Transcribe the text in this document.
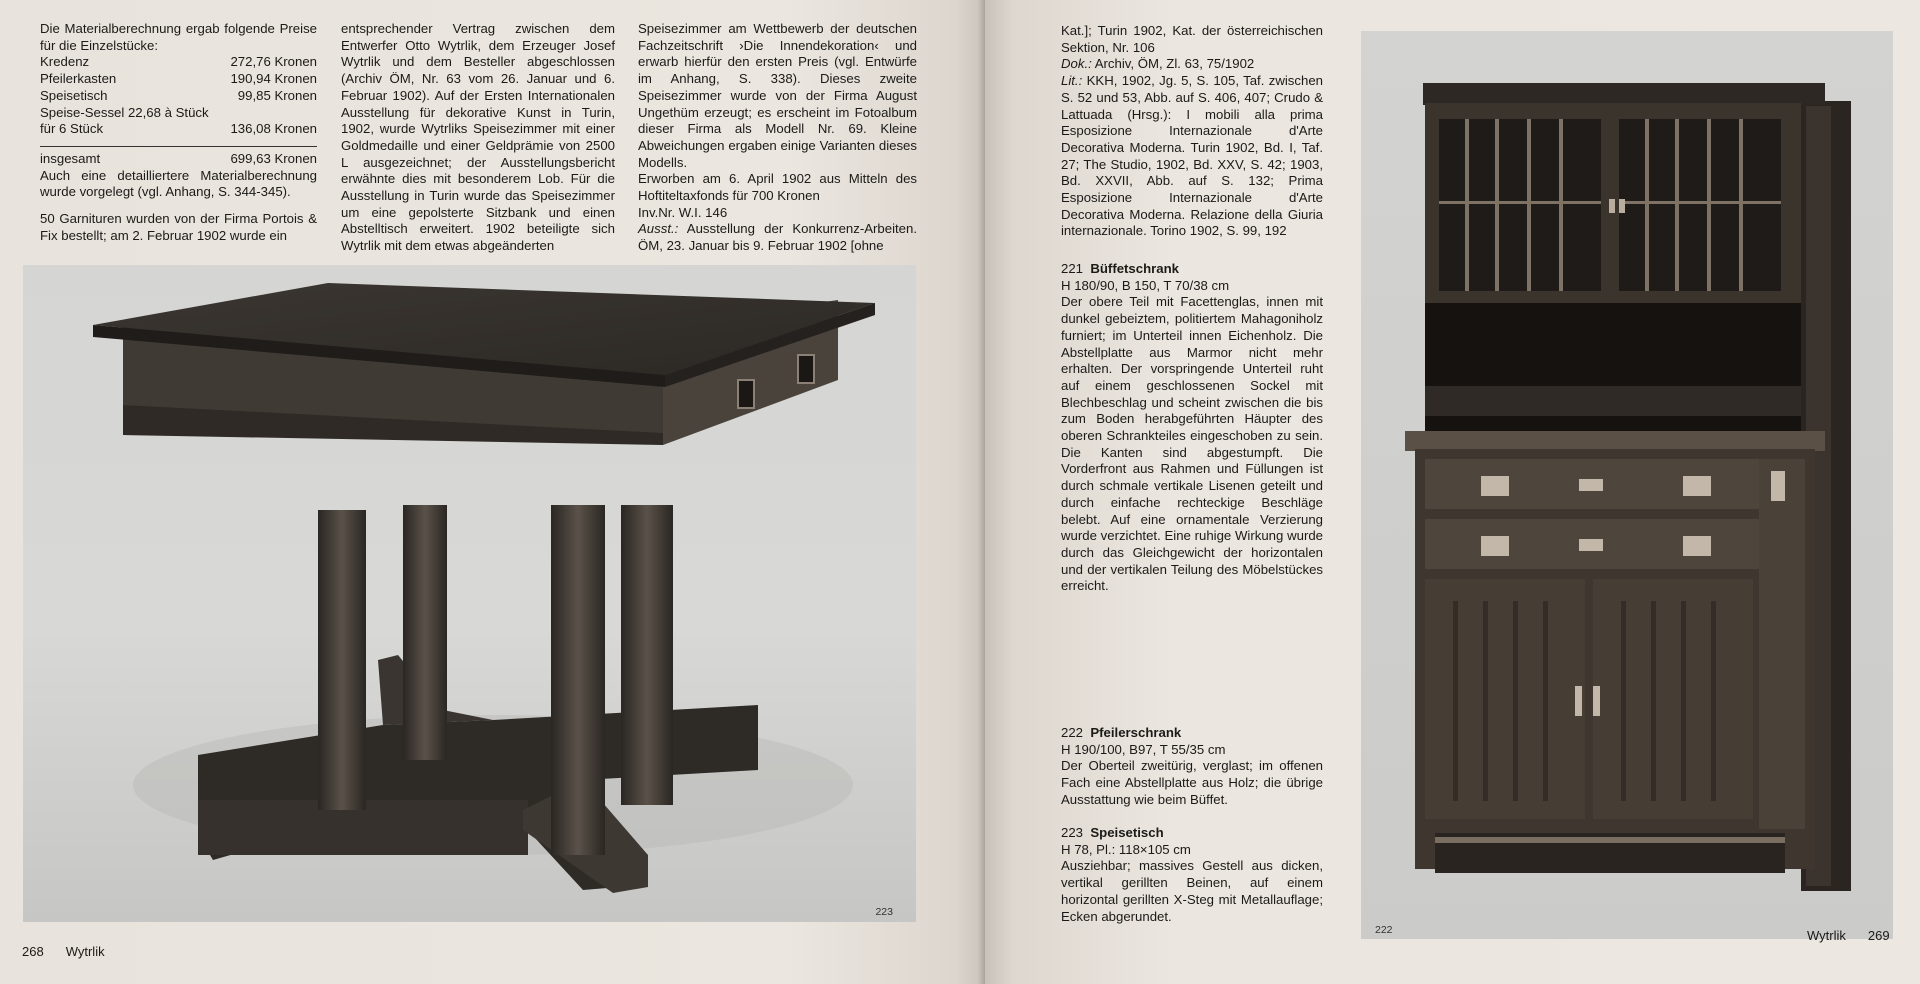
Die Materialberechnung ergab folgende Preise für die Einzelstücke:

Kredenz	272,76 Kronen
Pfeilerkasten	190,94 Kronen
Speisetisch	99,85 Kronen

Speise-Sessel 22,68 à Stück

für 6 Stück	136,08 Kronen
insgesamt	699,63 Kronen

Auch eine detailliertere Materialberechnung wurde vorgelegt (vgl. Anhang, S. 344-345).

50 Garnituren wurden von der Firma Portois & Fix bestellt; am 2. Februar 1902 wurde ein

entsprechender Vertrag zwischen dem Entwerfer Otto Wytrlik, dem Erzeuger Josef Wytrlik und dem Besteller abgeschlossen (Archiv ÖM, Nr. 63 vom 26. Januar und 6. Februar 1902). Auf der Ersten Internationalen Ausstellung für dekorative Kunst in Turin, 1902, wurde Wytrliks Speisezimmer mit einer Goldmedaille und einer Geldprämie von 2500 L ausgezeichnet; der Ausstellungsbericht erwähnte dies mit besonderem Lob. Für die Ausstellung in Turin wurde das Speisezimmer um eine gepolsterte Sitzbank und einen Abstelltisch erweitert. 1902 beteiligte sich Wytrlik mit dem etwas abgeänderten

Speisezimmer am Wettbewerb der deutschen Fachzeitschrift ›Die Innendekoration‹ und erwarb hierfür den ersten Preis (vgl. Entwürfe im Anhang, S. 338). Dieses zweite Speisezimmer wurde von der Firma August Ungethüm erzeugt; es erscheint im Fotoalbum dieser Firma als Modell Nr. 69. Kleine Abweichungen ergaben einige Varianten dieses Modells.

Erworben am 6. April 1902 aus Mitteln des Hoftiteltaxfonds für 700 Kronen

Inv.Nr. W.I. 146

Ausst.: Ausstellung der Konkurrenz-Arbeiten. ÖM, 23. Januar bis 9. Februar 1902 [ohne

223
268 Wytrlik

Kat.]; Turin 1902, Kat. der österreichischen Sektion, Nr. 106

Dok.: Archiv, ÖM, Zl. 63, 75/1902

Lit.: KKH, 1902, Jg. 5, S. 105, Taf. zwischen S. 52 und 53, Abb. auf S. 406, 407; Crudo & Lattuada (Hrsg.): I mobili alla prima Esposizione Internazionale d'Arte Decorativa Moderna. Turin 1902, Bd. I, Taf. 27; The Studio, 1902, Bd. XXV, S. 42; 1903, Bd. XXVII, Abb. auf S. 132; Prima Esposizione Internazionale d'Arte Decorativa Moderna. Relazione della Giuria internazionale. Torino 1902, S. 99, 192

221 Büffetschrank

H 180/90, B 150, T 70/38 cm

Der obere Teil mit Facettenglas, innen mit dunkel gebeiztem, politiertem Mahagoniholz furniert; im Unterteil innen Eichenholz. Die Abstellplatte aus Marmor nicht mehr erhalten. Der vorspringende Unterteil ruht auf einem geschlossenen Sockel mit Blechbeschlag und scheint zwischen die bis zum Boden herabgeführten Häupter des oberen Schrankteiles eingeschoben zu sein. Die Kanten sind abgestumpft. Die Vorderfront aus Rahmen und Füllungen ist durch schmale vertikale Lisenen geteilt und durch einfache rechteckige Beschläge belebt. Auf eine ornamentale Verzierung wurde verzichtet. Eine ruhige Wirkung wurde durch das Gleichgewicht der horizontalen und der vertikalen Teilung des Möbelstückes erreicht.

222 Pfeilerschrank

H 190/100, B97, T 55/35 cm

Der Oberteil zweitürig, verglast; im offenen Fach eine Abstellplatte aus Holz; die übrige Ausstattung wie beim Büffet.

223 Speisetisch

H 78, Pl.: 118×105 cm

Ausziehbar; massives Gestell aus dicken, vertikal gerillten Beinen, auf einem horizontal gerillten X-Steg mit Metallauflage; Ecken abgerundet.

222	Wytrlik 269
